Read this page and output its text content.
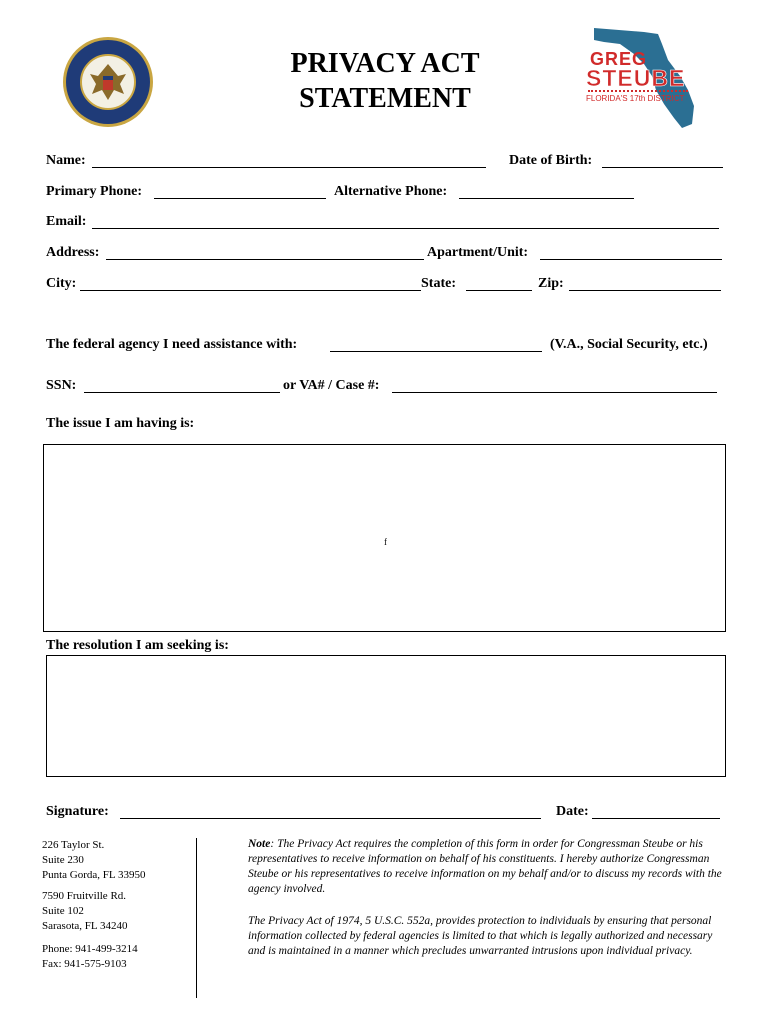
PRIVACY ACT
STATEMENT
GREG
STEUBE
FLORIDA'S 17th DISTRICT
Name:	Date of Birth:
Primary Phone:	Alternative Phone:
Email:
Address:	Apartment/Unit:
City:	State:	Zip:
The federal agency I need assistance with:	(V.A., Social Security, etc.)
SSN:	or VA# / Case #:
The issue I am having is:
f
The resolution I am seeking is:
Signature:	Date:
226 Taylor St.
Suite 230
Punta Gorda, FL 33950
7590 Fruitville Rd.
Suite 102
Sarasota, FL 34240
Phone: 941-499-3214
Fax: 941-575-9103
Note: The Privacy Act requires the completion of this form in order for Congressman Steube or his representatives to receive information on behalf of his constituents. I hereby authorize Congressman Steube or his representatives to receive information on my behalf and/or to discuss my records with the agency involved.
The Privacy Act of 1974, 5 U.S.C. 552a, provides protection to individuals by ensuring that personal information collected by federal agencies is limited to that which is legally authorized and necessary and is maintained in a manner which precludes unwarranted intrusions upon individual privacy.
